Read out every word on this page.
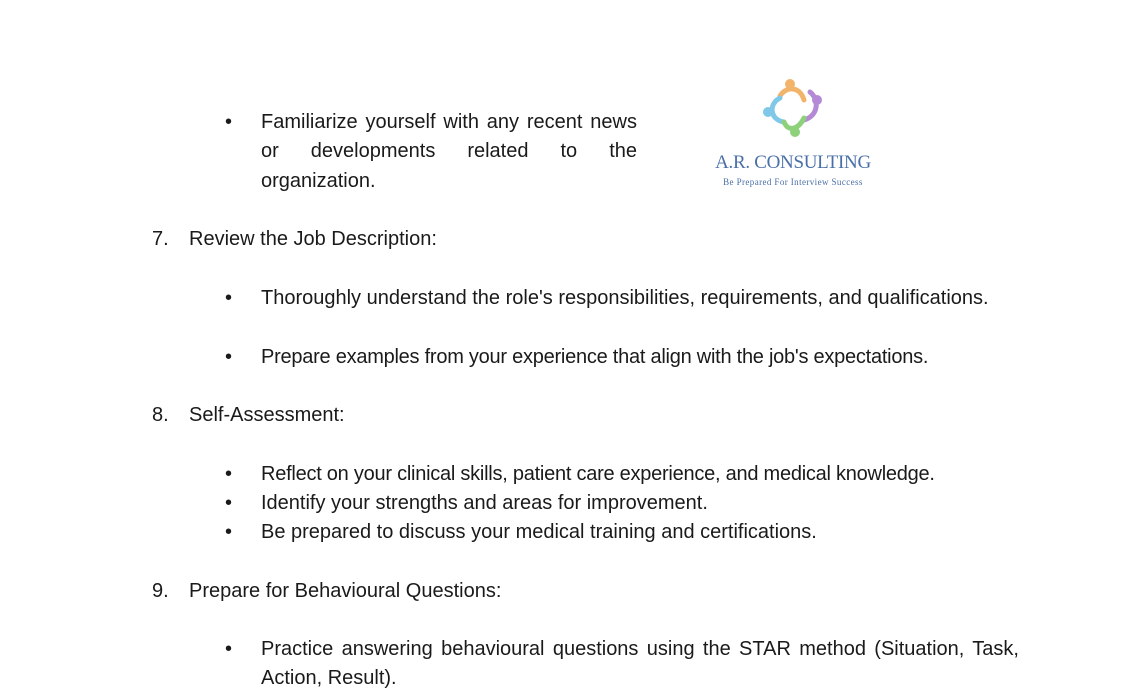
•	Familiarize yourself with any recent news or developments related to the organization.
A.R. CONSULTING
Be Prepared For Interview Success
7. Review the Job Description:
•	Thoroughly understand the role's responsibilities, requirements, and qualifications.
•	Prepare examples from your experience that align with the job's expectations.
8. Self-Assessment:
•	Reflect on your clinical skills, patient care experience, and medical knowledge.
•	Identify your strengths and areas for improvement.
•	Be prepared to discuss your medical training and certifications.
9. Prepare for Behavioural Questions:
•	Practice answering behavioural questions using the STAR method (Situation, Task, Action, Result).
